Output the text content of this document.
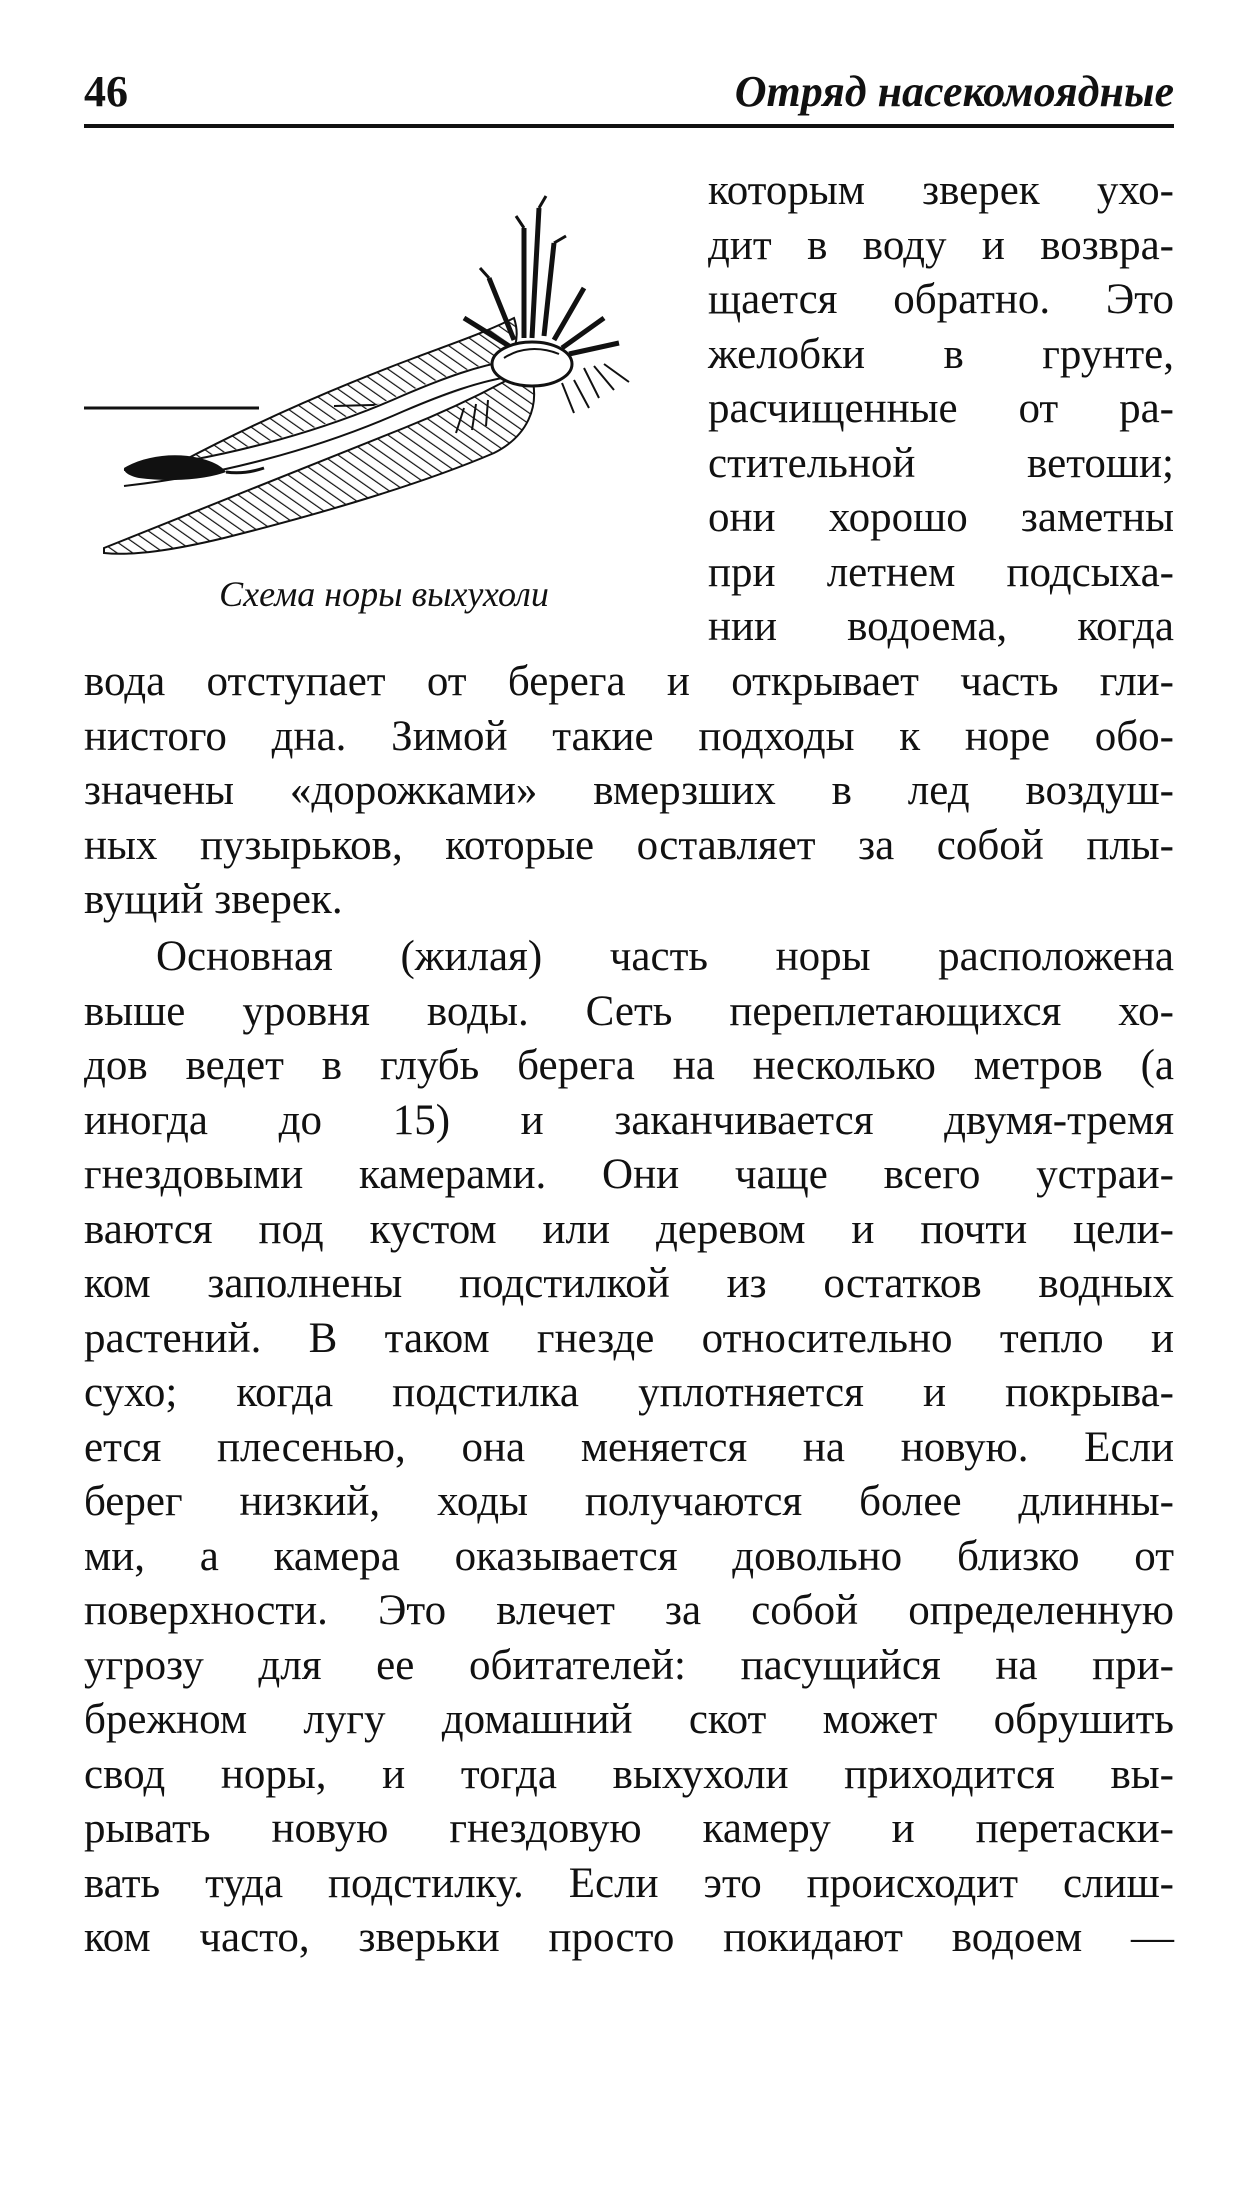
46	Отряд насекомоядные
Схема норы выхухоли
которым зверек ухо-
дит в воду и возвра-
щается обратно. Это
желобки в грунте,
расчищенные от ра-
стительной ветоши;
они хорошо заметны
при летнем подсыха-
нии водоема, когда
вода отступает от берега и открывает часть гли-
нистого дна. Зимой такие подходы к норе обо-
значены «дорожками» вмерзших в лед воздуш-
ных пузырьков, которые оставляет за собой плы-
вущий зверек.
Основная (жилая) часть норы расположена
выше уровня воды. Сеть переплетающихся хо-
дов ведет в глубь берега на несколько метров (а
иногда до 15) и заканчивается двумя-тремя
гнездовыми камерами. Они чаще всего устраи-
ваются под кустом или деревом и почти цели-
ком заполнены подстилкой из остатков водных
растений. В таком гнезде относительно тепло и
сухо; когда подстилка уплотняется и покрыва-
ется плесенью, она меняется на новую. Если
берег низкий, ходы получаются более длинны-
ми, а камера оказывается довольно близко от
поверхности. Это влечет за собой определенную
угрозу для ее обитателей: пасущийся на при-
брежном лугу домашний скот может обрушить
свод норы, и тогда выхухоли приходится вы-
рывать новую гнездовую камеру и перетаски-
вать туда подстилку. Если это происходит слиш-
ком часто, зверьки просто покидают водоем —
